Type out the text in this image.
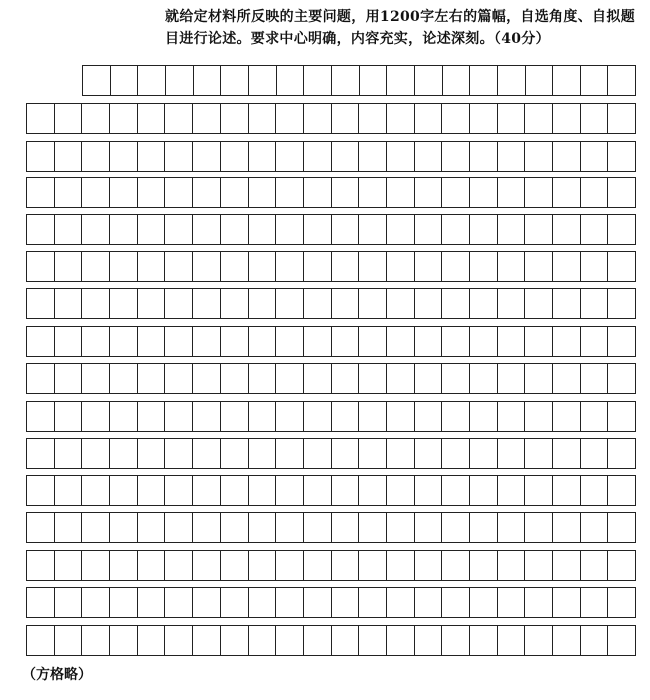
就给定材料所反映的主要问题，用1200字左右的篇幅，自选角度、自拟题目进行论述。要求中心明确，内容充实，论述深刻。（40分）
（方格略）
